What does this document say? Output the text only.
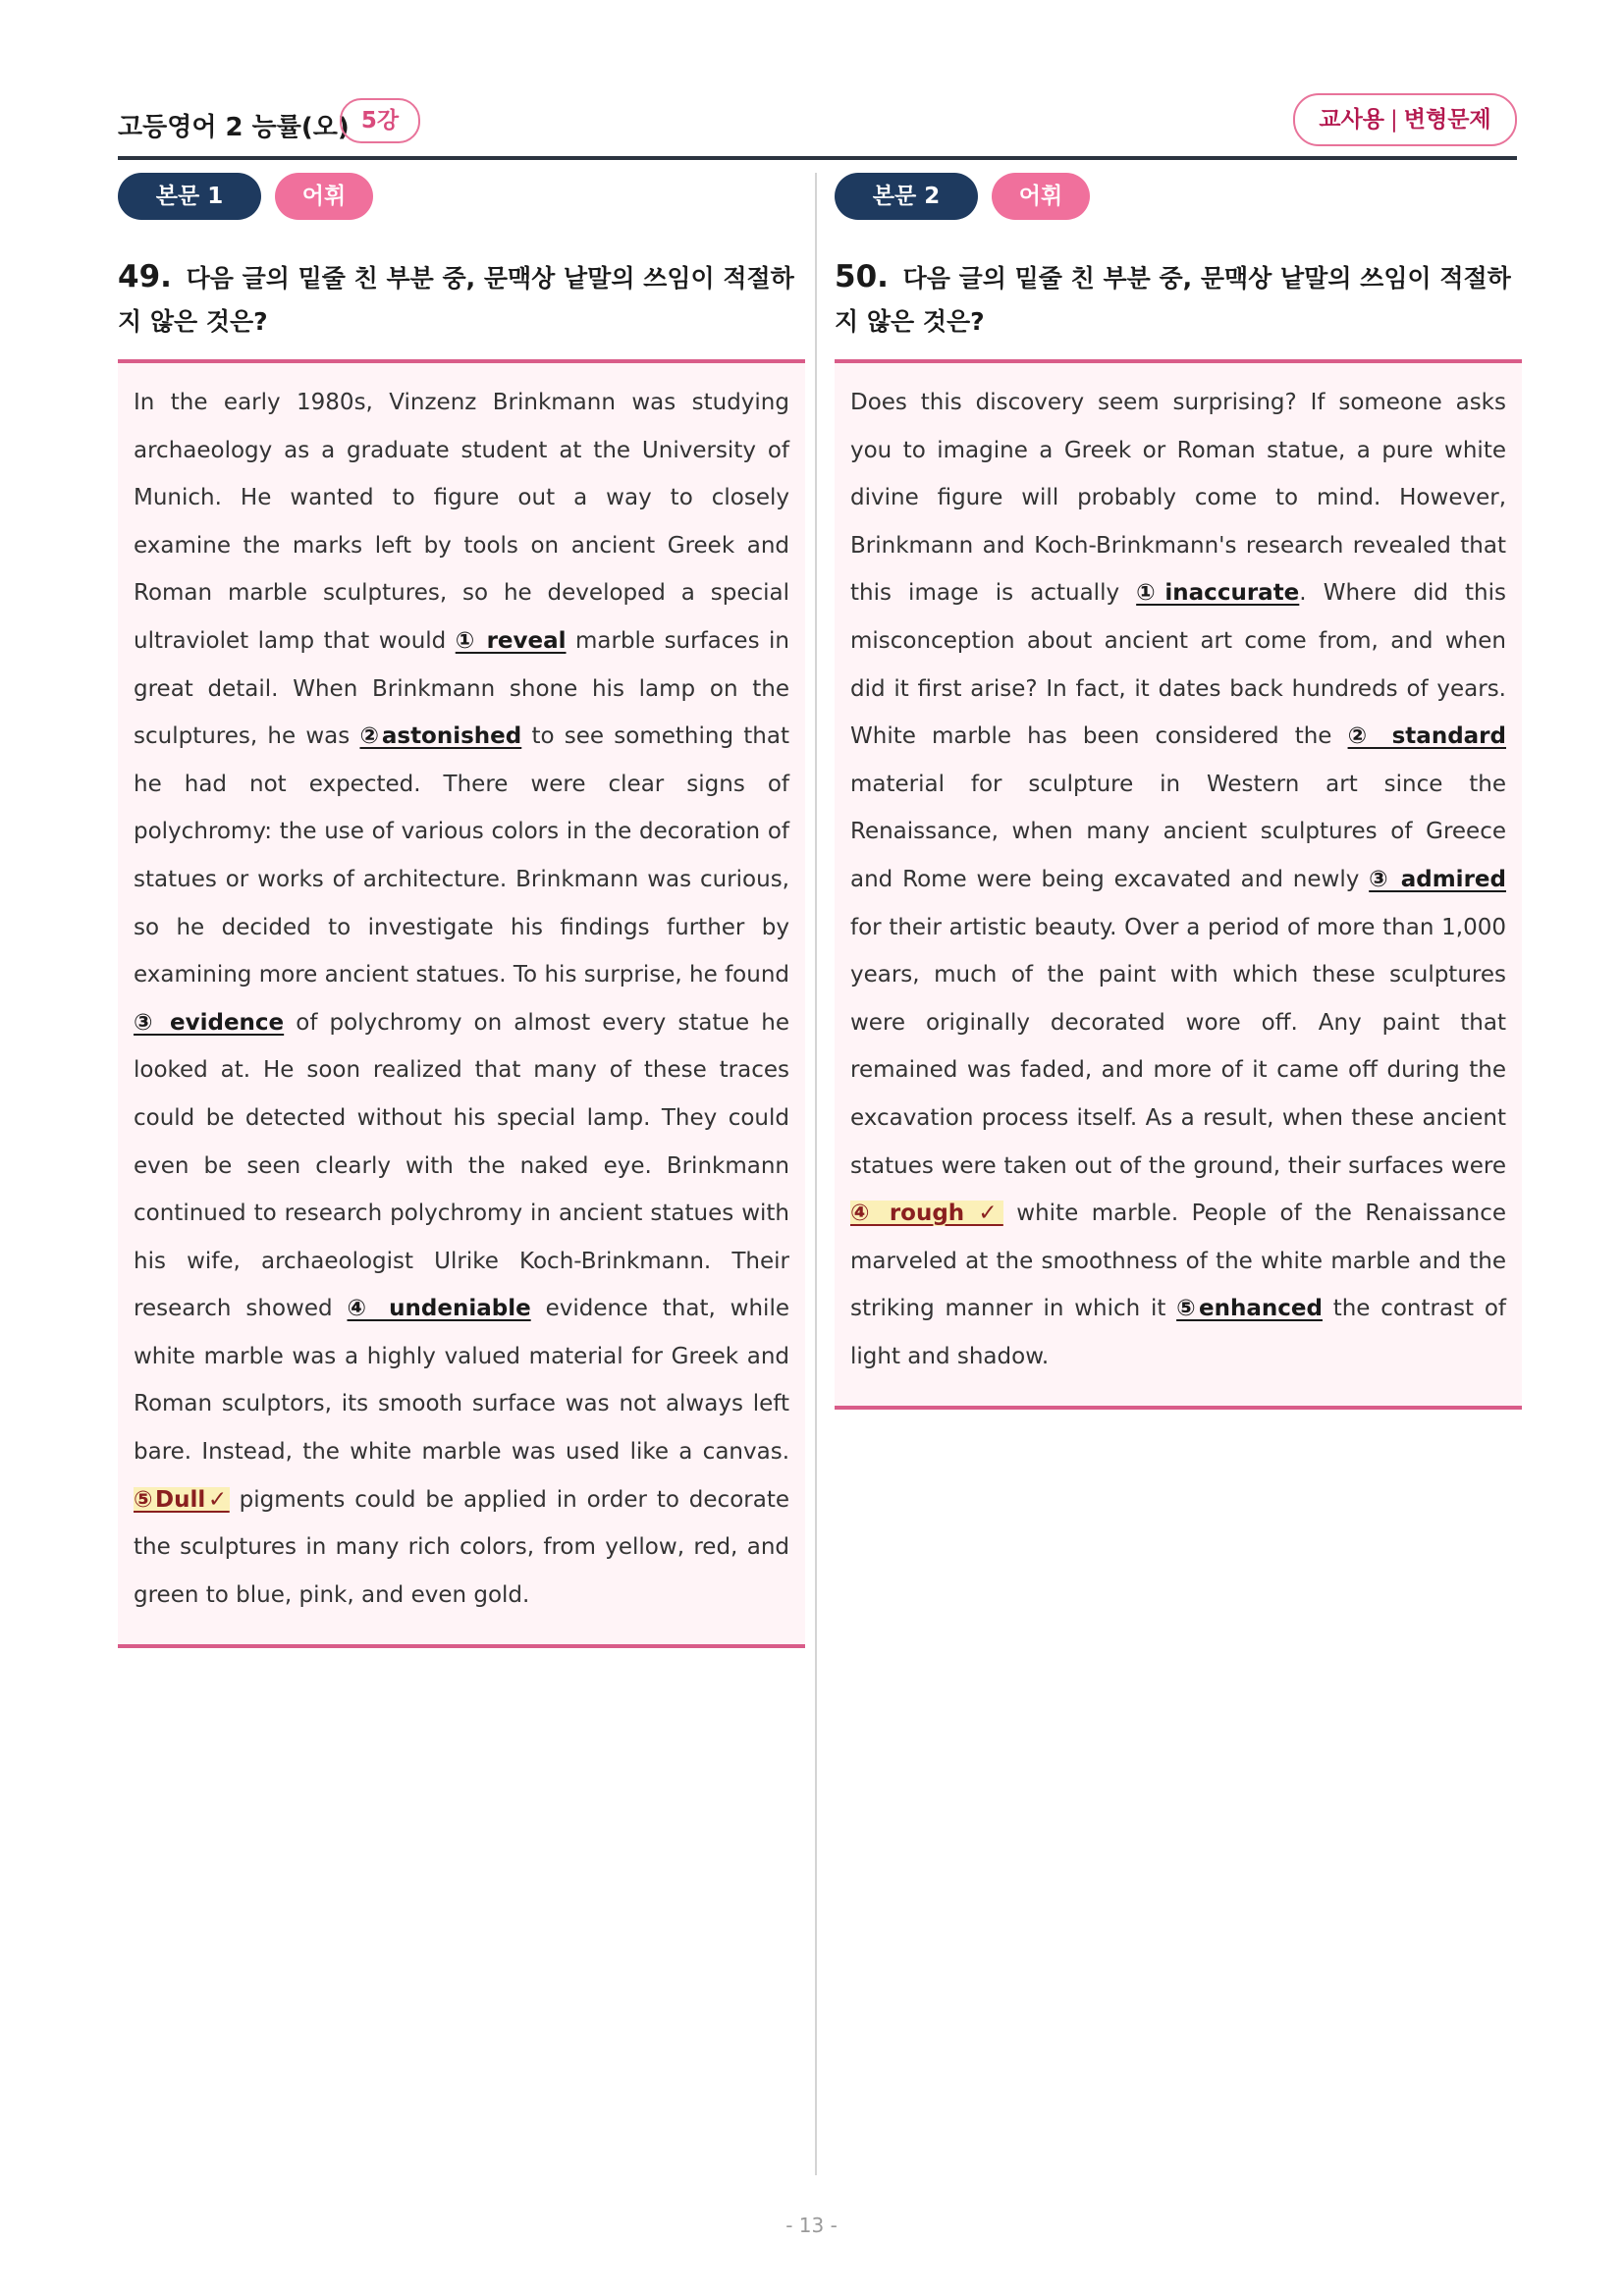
고등영어 2 능률(오) 5강	교사용 | 변형문제
본문 1	어휘
49. 다음 글의 밑줄 친 부분 중, 문맥상 낱말의 쓰임이 적절하지 않은 것은?

In the early 1980s, Vinzenz Brinkmann was studying archaeology as a graduate student at the University of Munich. He wanted to figure out a way to closely examine the marks left by tools on ancient Greek and Roman marble sculptures, so he developed a special ultraviolet lamp that would ① reveal marble surfaces in great detail. When Brinkmann shone his lamp on the sculptures, he was ②astonished to see something that he had not expected. There were clear signs of polychromy: the use of various colors in the decoration of statues or works of architecture. Brinkmann was curious, so he decided to investigate his findings further by examining more ancient statues. To his surprise, he found ③ evidence of polychromy on almost every statue he looked at. He soon realized that many of these traces could be detected without his special lamp. They could even be seen clearly with the naked eye. Brinkmann continued to research polychromy in ancient statues with his wife, archaeologist Ulrike Koch-Brinkmann. Their research showed ④ undeniable evidence that, while white marble was a highly valued material for Greek and Roman sculptors, its smooth surface was not always left bare. Instead, the white marble was used like a canvas. ⑤Dull✓ pigments could be applied in order to decorate the sculptures in many rich colors, from yellow, red, and green to blue, pink, and even gold.

본문 2	어휘
50. 다음 글의 밑줄 친 부분 중, 문맥상 낱말의 쓰임이 적절하지 않은 것은?

Does this discovery seem surprising? If someone asks you to imagine a Greek or Roman statue, a pure white divine figure will probably come to mind. However, Brinkmann and Koch-Brinkmann's research revealed that this image is actually ①inaccurate. Where did this misconception about ancient art come from, and when did it first arise? In fact, it dates back hundreds of years. White marble has been considered the ② standard material for sculpture in Western art since the Renaissance, when many ancient sculptures of Greece and Rome were being excavated and newly ③ admired for their artistic beauty. Over a period of more than 1,000 years, much of the paint with which these sculptures were originally decorated wore off. Any paint that remained was faded, and more of it came off during the excavation process itself. As a result, when these ancient statues were taken out of the ground, their surfaces were ④ rough ✓ white marble. People of the Renaissance marveled at the smoothness of the white marble and the striking manner in which it ⑤enhanced the contrast of light and shadow.

- 13 -
